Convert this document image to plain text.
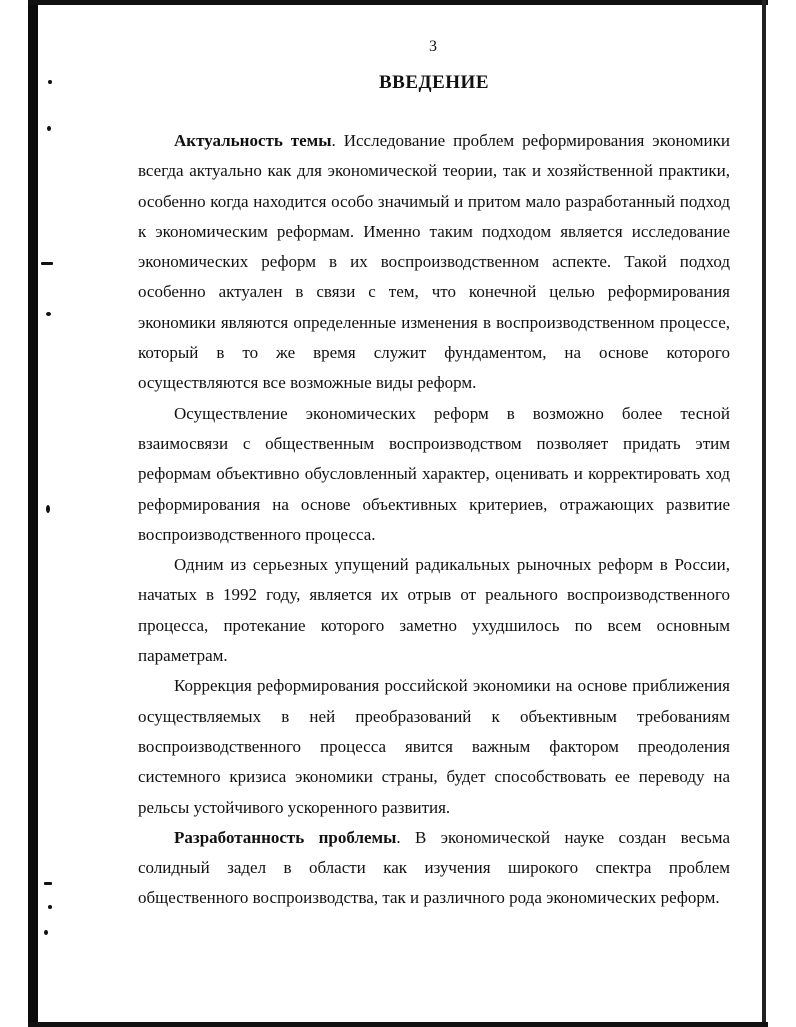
3
ВВЕДЕНИЕ

Актуальность темы. Исследование проблем реформирования экономики всегда актуально как для экономической теории, так и хозяйственной практики, особенно когда находится особо значимый и притом мало разработанный подход к экономическим реформам. Именно таким подходом является исследование экономических реформ в их воспроизводственном аспекте. Такой подход особенно актуален в связи с тем, что конечной целью реформирования экономики являются определенные изменения в воспроизводственном процессе, который в то же время служит фундаментом, на основе которого осуществляются все возможные виды реформ.

Осуществление экономических реформ в возможно более тесной взаимосвязи с общественным воспроизводством позволяет придать этим реформам объективно обусловленный характер, оценивать и корректировать ход реформирования на основе объективных критериев, отражающих развитие воспроизводственного процесса.

Одним из серьезных упущений радикальных рыночных реформ в России, начатых в 1992 году, является их отрыв от реального воспроизводственного процесса, протекание которого заметно ухудшилось по всем основным параметрам.

Коррекция реформирования российской экономики на основе приближения осуществляемых в ней преобразований к объективным требованиям воспроизводственного процесса явится важным фактором преодоления системного кризиса экономики страны, будет способствовать ее переводу на рельсы устойчивого ускоренного развития.

Разработанность проблемы. В экономической науке создан весьма солидный задел в области как изучения широкого спектра проблем общественного воспроизводства, так и различного рода экономических реформ.
